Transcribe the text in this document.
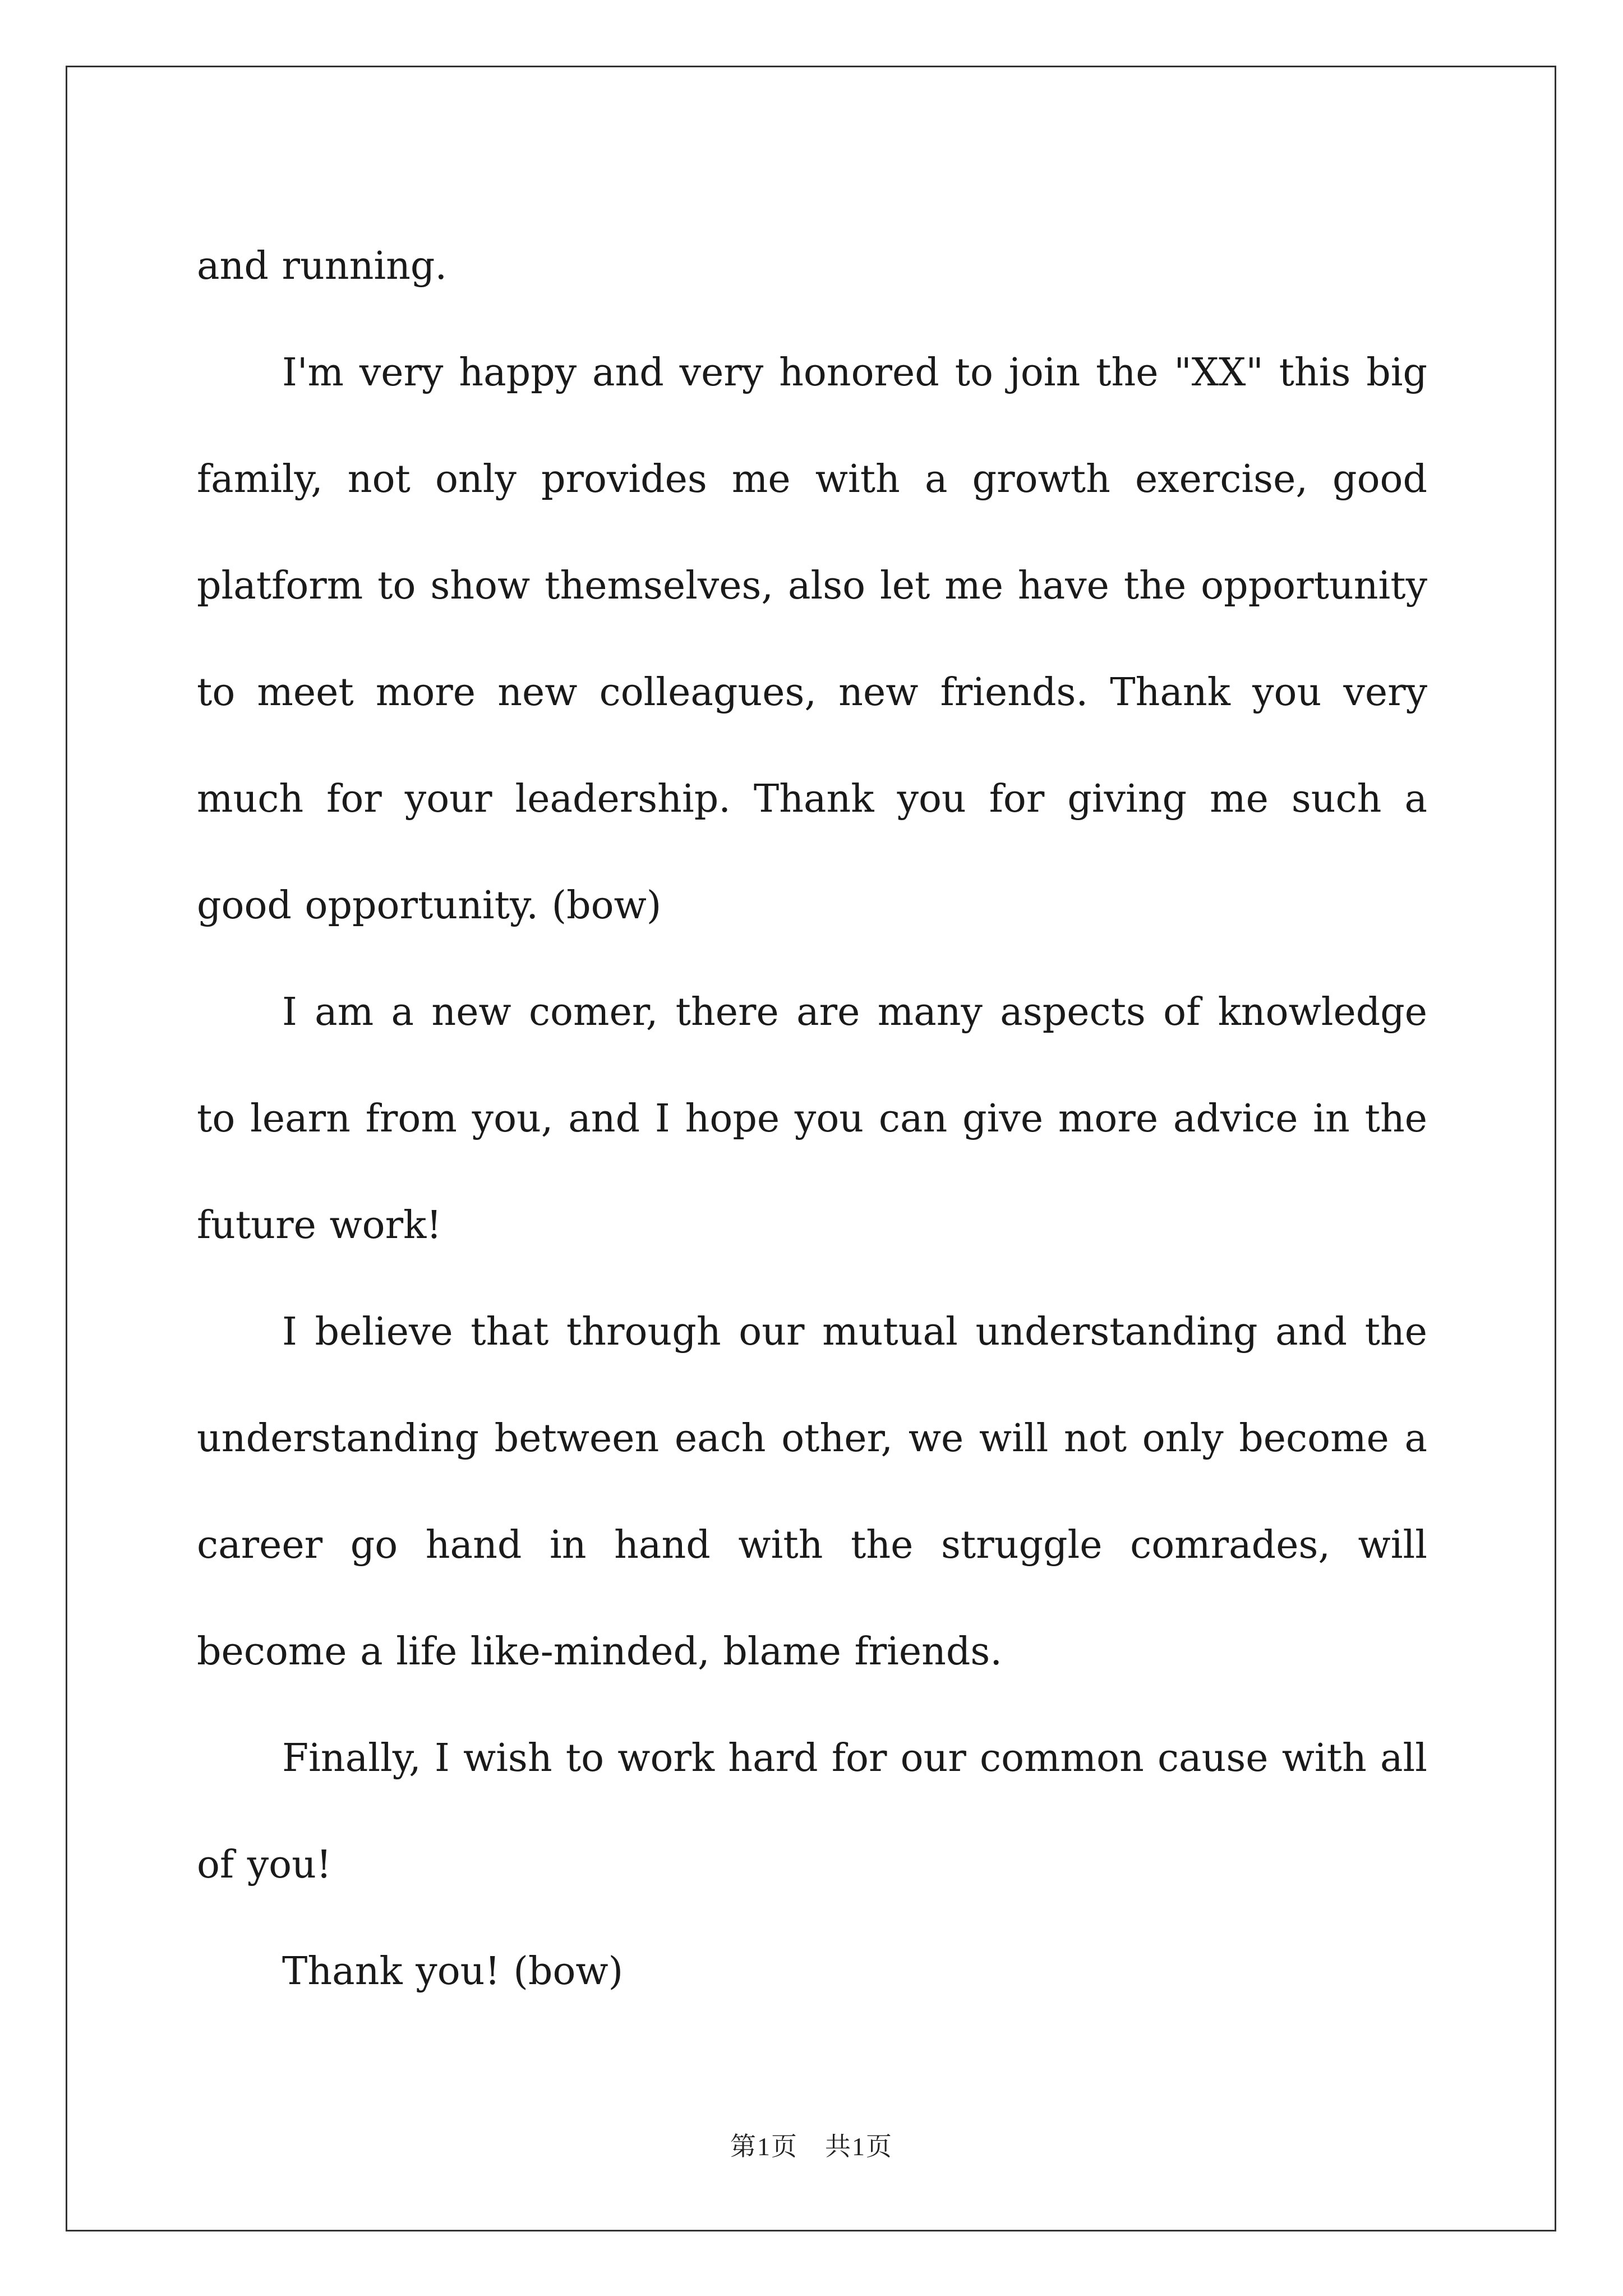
and running.

I'm very happy and very honored to join the "XX" this big family, not only provides me with a growth exercise, good platform to show themselves, also let me have the opportunity to meet more new colleagues, new friends. Thank you very much for your leadership. Thank you for giving me such a good opportunity. (bow)

I am a new comer, there are many aspects of knowledge to learn from you, and I hope you can give more advice in the future work!

I believe that through our mutual understanding and the understanding between each other, we will not only become a career go hand in hand with the struggle comrades, will become a life like-minded, blame friends.

Finally, I wish to work hard for our common cause with all of you!

Thank you! (bow)

第1页　共1页
